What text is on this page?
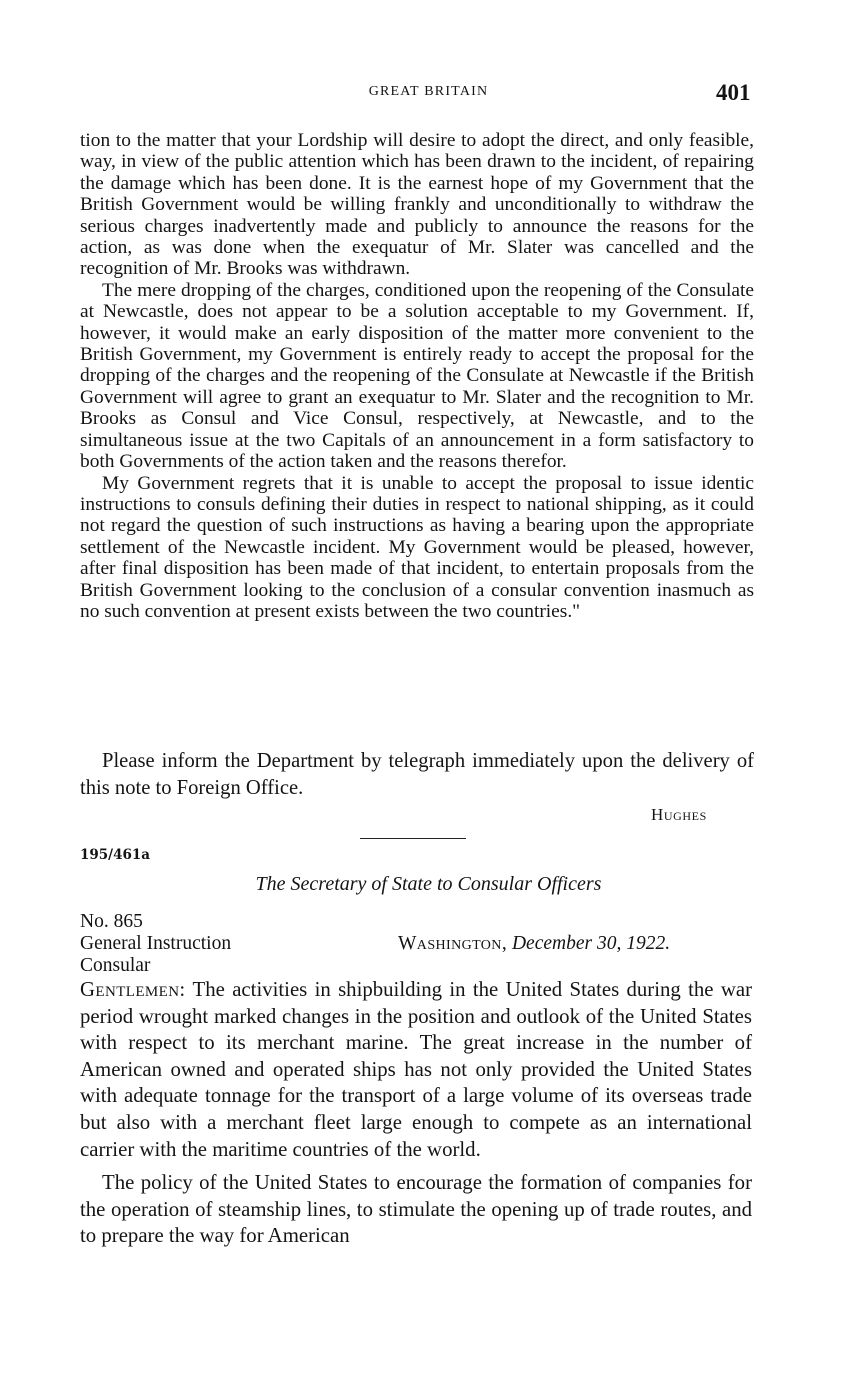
GREAT BRITAIN	401

tion to the matter that your Lordship will desire to adopt the direct, and only feasible, way, in view of the public attention which has been drawn to the incident, of repairing the damage which has been done. It is the earnest hope of my Government that the British Government would be willing frankly and unconditionally to withdraw the serious charges inadvertently made and publicly to announce the reasons for the action, as was done when the exequatur of Mr. Slater was cancelled and the recognition of Mr. Brooks was withdrawn.

The mere dropping of the charges, conditioned upon the reopening of the Consulate at Newcastle, does not appear to be a solution acceptable to my Government. If, however, it would make an early disposition of the matter more convenient to the British Government, my Government is entirely ready to accept the proposal for the dropping of the charges and the reopening of the Consulate at Newcastle if the British Government will agree to grant an exequatur to Mr. Slater and the recognition to Mr. Brooks as Consul and Vice Consul, respectively, at Newcastle, and to the simultaneous issue at the two Capitals of an announcement in a form satisfactory to both Governments of the action taken and the reasons therefor.

My Government regrets that it is unable to accept the proposal to issue identic instructions to consuls defining their duties in respect to national shipping, as it could not regard the question of such instructions as having a bearing upon the appropriate settlement of the Newcastle incident. My Government would be pleased, however, after final disposition has been made of that incident, to entertain proposals from the British Government looking to the conclusion of a consular convention inasmuch as no such convention at present exists between the two countries."

Please inform the Department by telegraph immediately upon the delivery of this note to Foreign Office.

Hughes
195/461a
The Secretary of State to Consular Officers
No. 865
General Instruction
Consular
Washington, December 30, 1922.

Gentlemen: The activities in shipbuilding in the United States during the war period wrought marked changes in the position and outlook of the United States with respect to its merchant marine. The great increase in the number of American owned and operated ships has not only provided the United States with adequate tonnage for the transport of a large volume of its overseas trade but also with a merchant fleet large enough to compete as an international carrier with the maritime countries of the world.

The policy of the United States to encourage the formation of companies for the operation of steamship lines, to stimulate the opening up of trade routes, and to prepare the way for American
